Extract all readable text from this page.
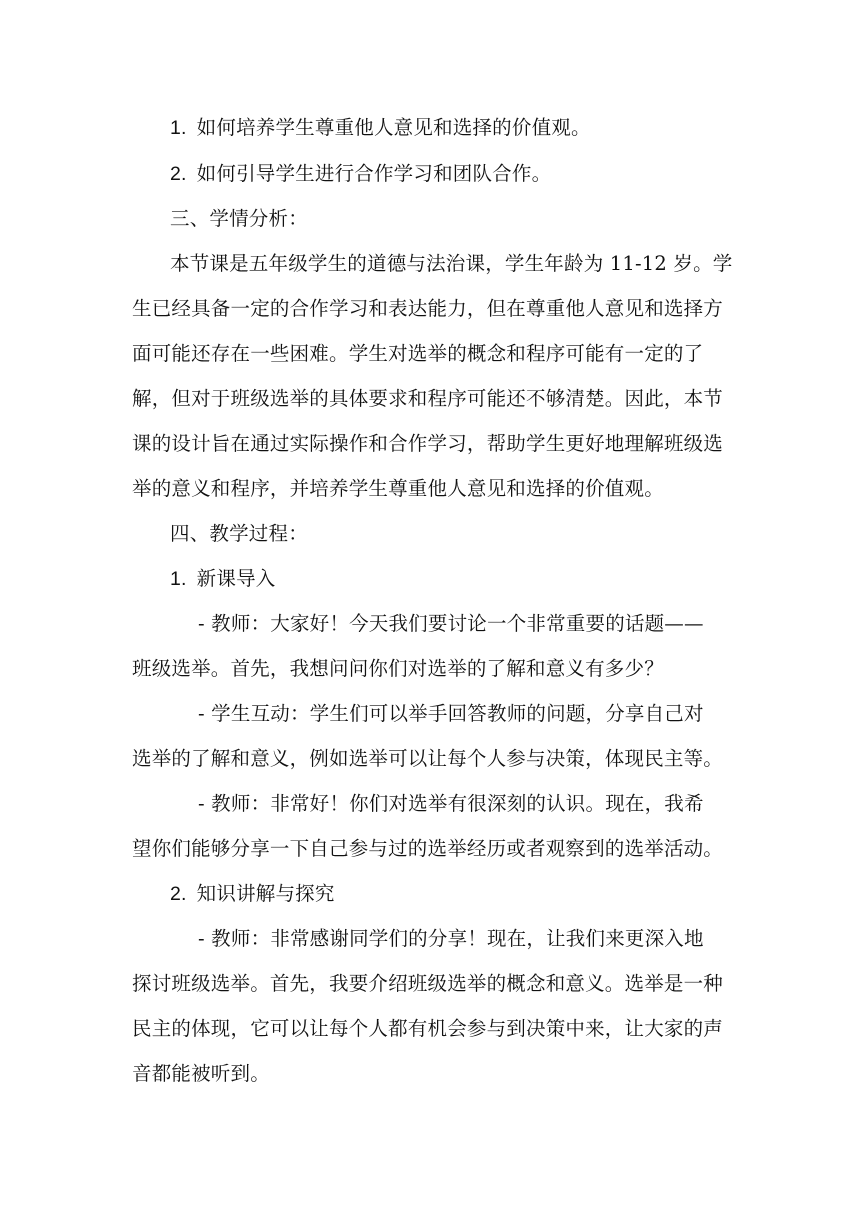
1. 如何培养学生尊重他人意见和选择的价值观。
2. 如何引导学生进行合作学习和团队合作。
三、学情分析：
本节课是五年级学生的道德与法治课，学生年龄为 11-12 岁。学
生已经具备一定的合作学习和表达能力，但在尊重他人意见和选择方
面可能还存在一些困难。学生对选举的概念和程序可能有一定的了
解，但对于班级选举的具体要求和程序可能还不够清楚。因此，本节
课的设计旨在通过实际操作和合作学习，帮助学生更好地理解班级选
举的意义和程序，并培养学生尊重他人意见和选择的价值观。
四、教学过程：
1. 新课导入
- 教师：大家好！今天我们要讨论一个非常重要的话题——
班级选举。首先，我想问问你们对选举的了解和意义有多少？
- 学生互动：学生们可以举手回答教师的问题，分享自己对
选举的了解和意义，例如选举可以让每个人参与决策，体现民主等。
- 教师：非常好！你们对选举有很深刻的认识。现在，我希
望你们能够分享一下自己参与过的选举经历或者观察到的选举活动。
2. 知识讲解与探究
- 教师：非常感谢同学们的分享！现在，让我们来更深入地
探讨班级选举。首先，我要介绍班级选举的概念和意义。选举是一种
民主的体现，它可以让每个人都有机会参与到决策中来，让大家的声
音都能被听到。
